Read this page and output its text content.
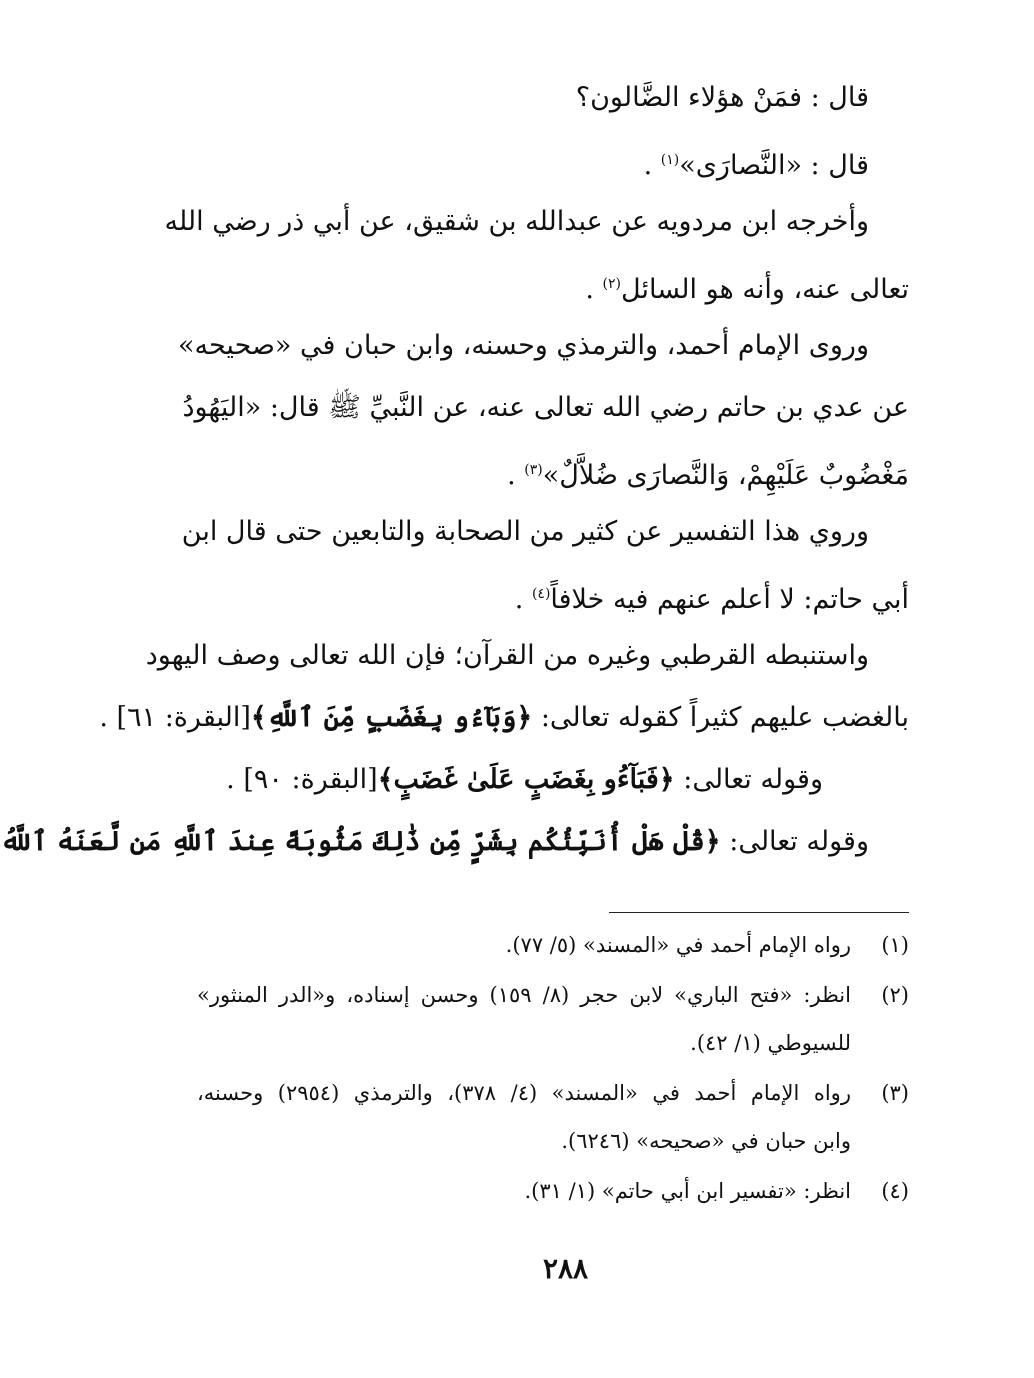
قال : فمَنْ هؤلاء الضَّالون؟
قال : «النَّصارَى»$^{(١)}$ .
وأخرجه ابن مردويه عن عبدالله بن شقيق، عن أبي ذر رضي الله
تعالى عنه، وأنه هو السائل$^{(٢)}$ .
وروى الإمام أحمد، والترمذي وحسنه، وابن حبان في «صحيحه»
عن عدي بن حاتم رضي الله تعالى عنه، عن النَّبيِّ ﷺ قال: «اليَهُودُ
مَغْضُوبٌ عَلَيْهِمْ، وَالنَّصارَى ضُلاَّلٌ»$^{(٣)}$ .
وروي هذا التفسير عن كثير من الصحابة والتابعين حتى قال ابن
أبي حاتم: لا أعلم عنهم فيه خلافاً$^{(٤)}$ .
واستنبطه القرطبي وغيره من القرآن؛ فإن الله تعالى وصف اليهود
بالغضب عليهم كثيراً كقوله تعالى: ﴿وَبَآءُو بِغَضَبٍ مِّنَ ٱللَّهِ﴾[البقرة: ٦١] .
وقوله تعالى: ﴿فَبَآءُو بِغَضَبٍ عَلَىٰ غَضَبٍ﴾[البقرة: ٩٠] .
وقوله تعالى: ﴿قُلْ هَلْ أُنَبِّئُكُم بِشَرٍّ مِّن ذَٰلِكَ مَثُوبَةً عِندَ ٱللَّهِ مَن لَّعَنَهُ ٱللَّهُ
(١)
رواه الإمام أحمد في «المسند» (٥/ ٧٧).
(٢)
انظر: «فتح الباري» لابن حجر (٨/ ١٥٩) وحسن إسناده، و«الدر المنثور»
للسيوطي (١/ ٤٢).
(٣)
رواه الإمام أحمد في «المسند» (٤/ ٣٧٨)، والترمذي (٢٩٥٤) وحسنه،
وابن حبان في «صحيحه» (٦٢٤٦).
(٤)
انظر: «تفسير ابن أبي حاتم» (١/ ٣١).
٢٨٨
